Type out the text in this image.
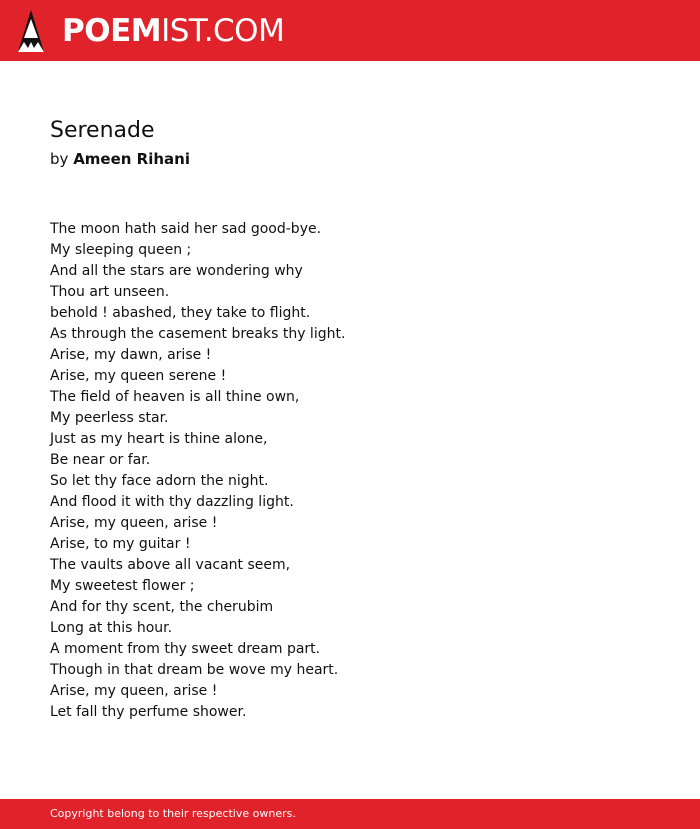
POEMIST.COM
Serenade
by Ameen Rihani
The moon hath said her sad good-bye.
My sleeping queen ;
And all the stars are wondering why
Thou art unseen.
behold ! abashed, they take to flight.
As through the casement breaks thy light.
Arise, my dawn, arise !
Arise, my queen serene !
The field of heaven is all thine own,
My peerless star.
Just as my heart is thine alone,
Be near or far.
So let thy face adorn the night.
And flood it with thy dazzling light.
Arise, my queen, arise !
Arise, to my guitar !
The vaults above all vacant seem,
My sweetest flower ;
And for thy scent, the cherubim
Long at this hour.
A moment from thy sweet dream part.
Though in that dream be wove my heart.
Arise, my queen, arise !
Let fall thy perfume shower.
Copyright belong to their respective owners.
